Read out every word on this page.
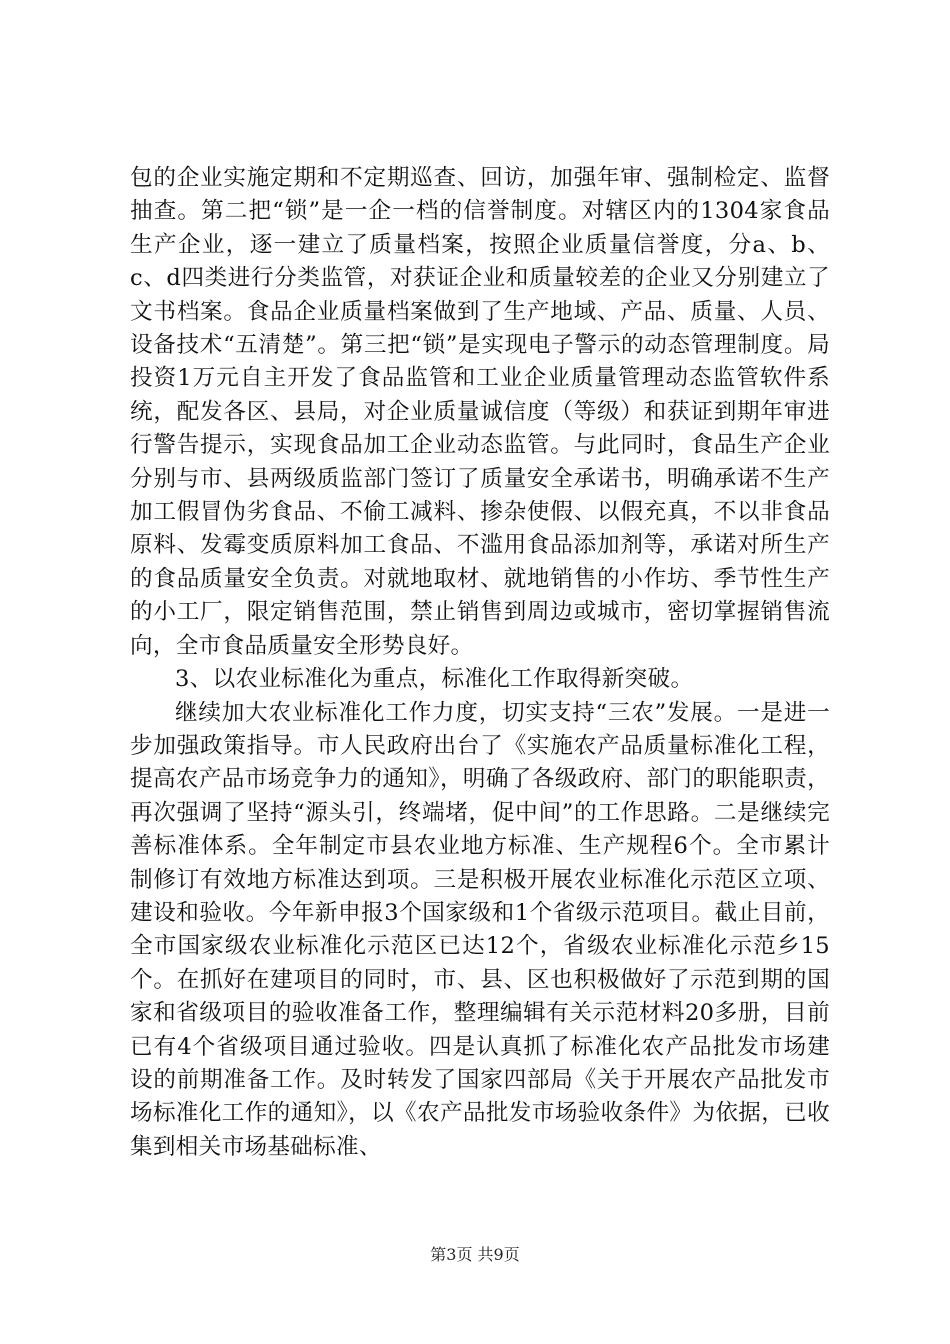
包的企业实施定期和不定期巡查、回访，加强年审、强制检定、监督抽查。第二把“锁”是一企一档的信誉制度。对辖区内的1304家食品生产企业，逐一建立了质量档案，按照企业质量信誉度，分a、b、c、d四类进行分类监管，对获证企业和质量较差的企业又分别建立了文书档案。食品企业质量档案做到了生产地域、产品、质量、人员、设备技术“五清楚”。第三把“锁”是实现电子警示的动态管理制度。局投资1万元自主开发了食品监管和工业企业质量管理动态监管软件系统，配发各区、县局，对企业质量诚信度（等级）和获证到期年审进行警告提示，实现食品加工企业动态监管。与此同时，食品生产企业分别与市、县两级质监部门签订了质量安全承诺书，明确承诺不生产加工假冒伪劣食品、不偷工减料、掺杂使假、以假充真，不以非食品原料、发霉变质原料加工食品、不滥用食品添加剂等，承诺对所生产的食品质量安全负责。对就地取材、就地销售的小作坊、季节性生产的小工厂，限定销售范围，禁止销售到周边或城市，密切掌握销售流向，全市食品质量安全形势良好。

3、以农业标准化为重点，标准化工作取得新突破。

继续加大农业标准化工作力度，切实支持“三农”发展。一是进一步加强政策指导。市人民政府出台了《实施农产品质量标准化工程，提高农产品市场竞争力的通知》，明确了各级政府、部门的职能职责，再次强调了坚持“源头引，终端堵，促中间”的工作思路。二是继续完善标准体系。全年制定市县农业地方标准、生产规程6个。全市累计制修订有效地方标准达到项。三是积极开展农业标准化示范区立项、建设和验收。今年新申报3个国家级和1个省级示范项目。截止目前，全市国家级农业标准化示范区已达12个，省级农业标准化示范乡15个。在抓好在建项目的同时，市、县、区也积极做好了示范到期的国家和省级项目的验收准备工作，整理编辑有关示范材料20多册，目前已有4个省级项目通过验收。四是认真抓了标准化农产品批发市场建设的前期准备工作。及时转发了国家四部局《关于开展农产品批发市场标准化工作的通知》，以《农产品批发市场验收条件》为依据，已收集到相关市场基础标准、

第3页 共9页
